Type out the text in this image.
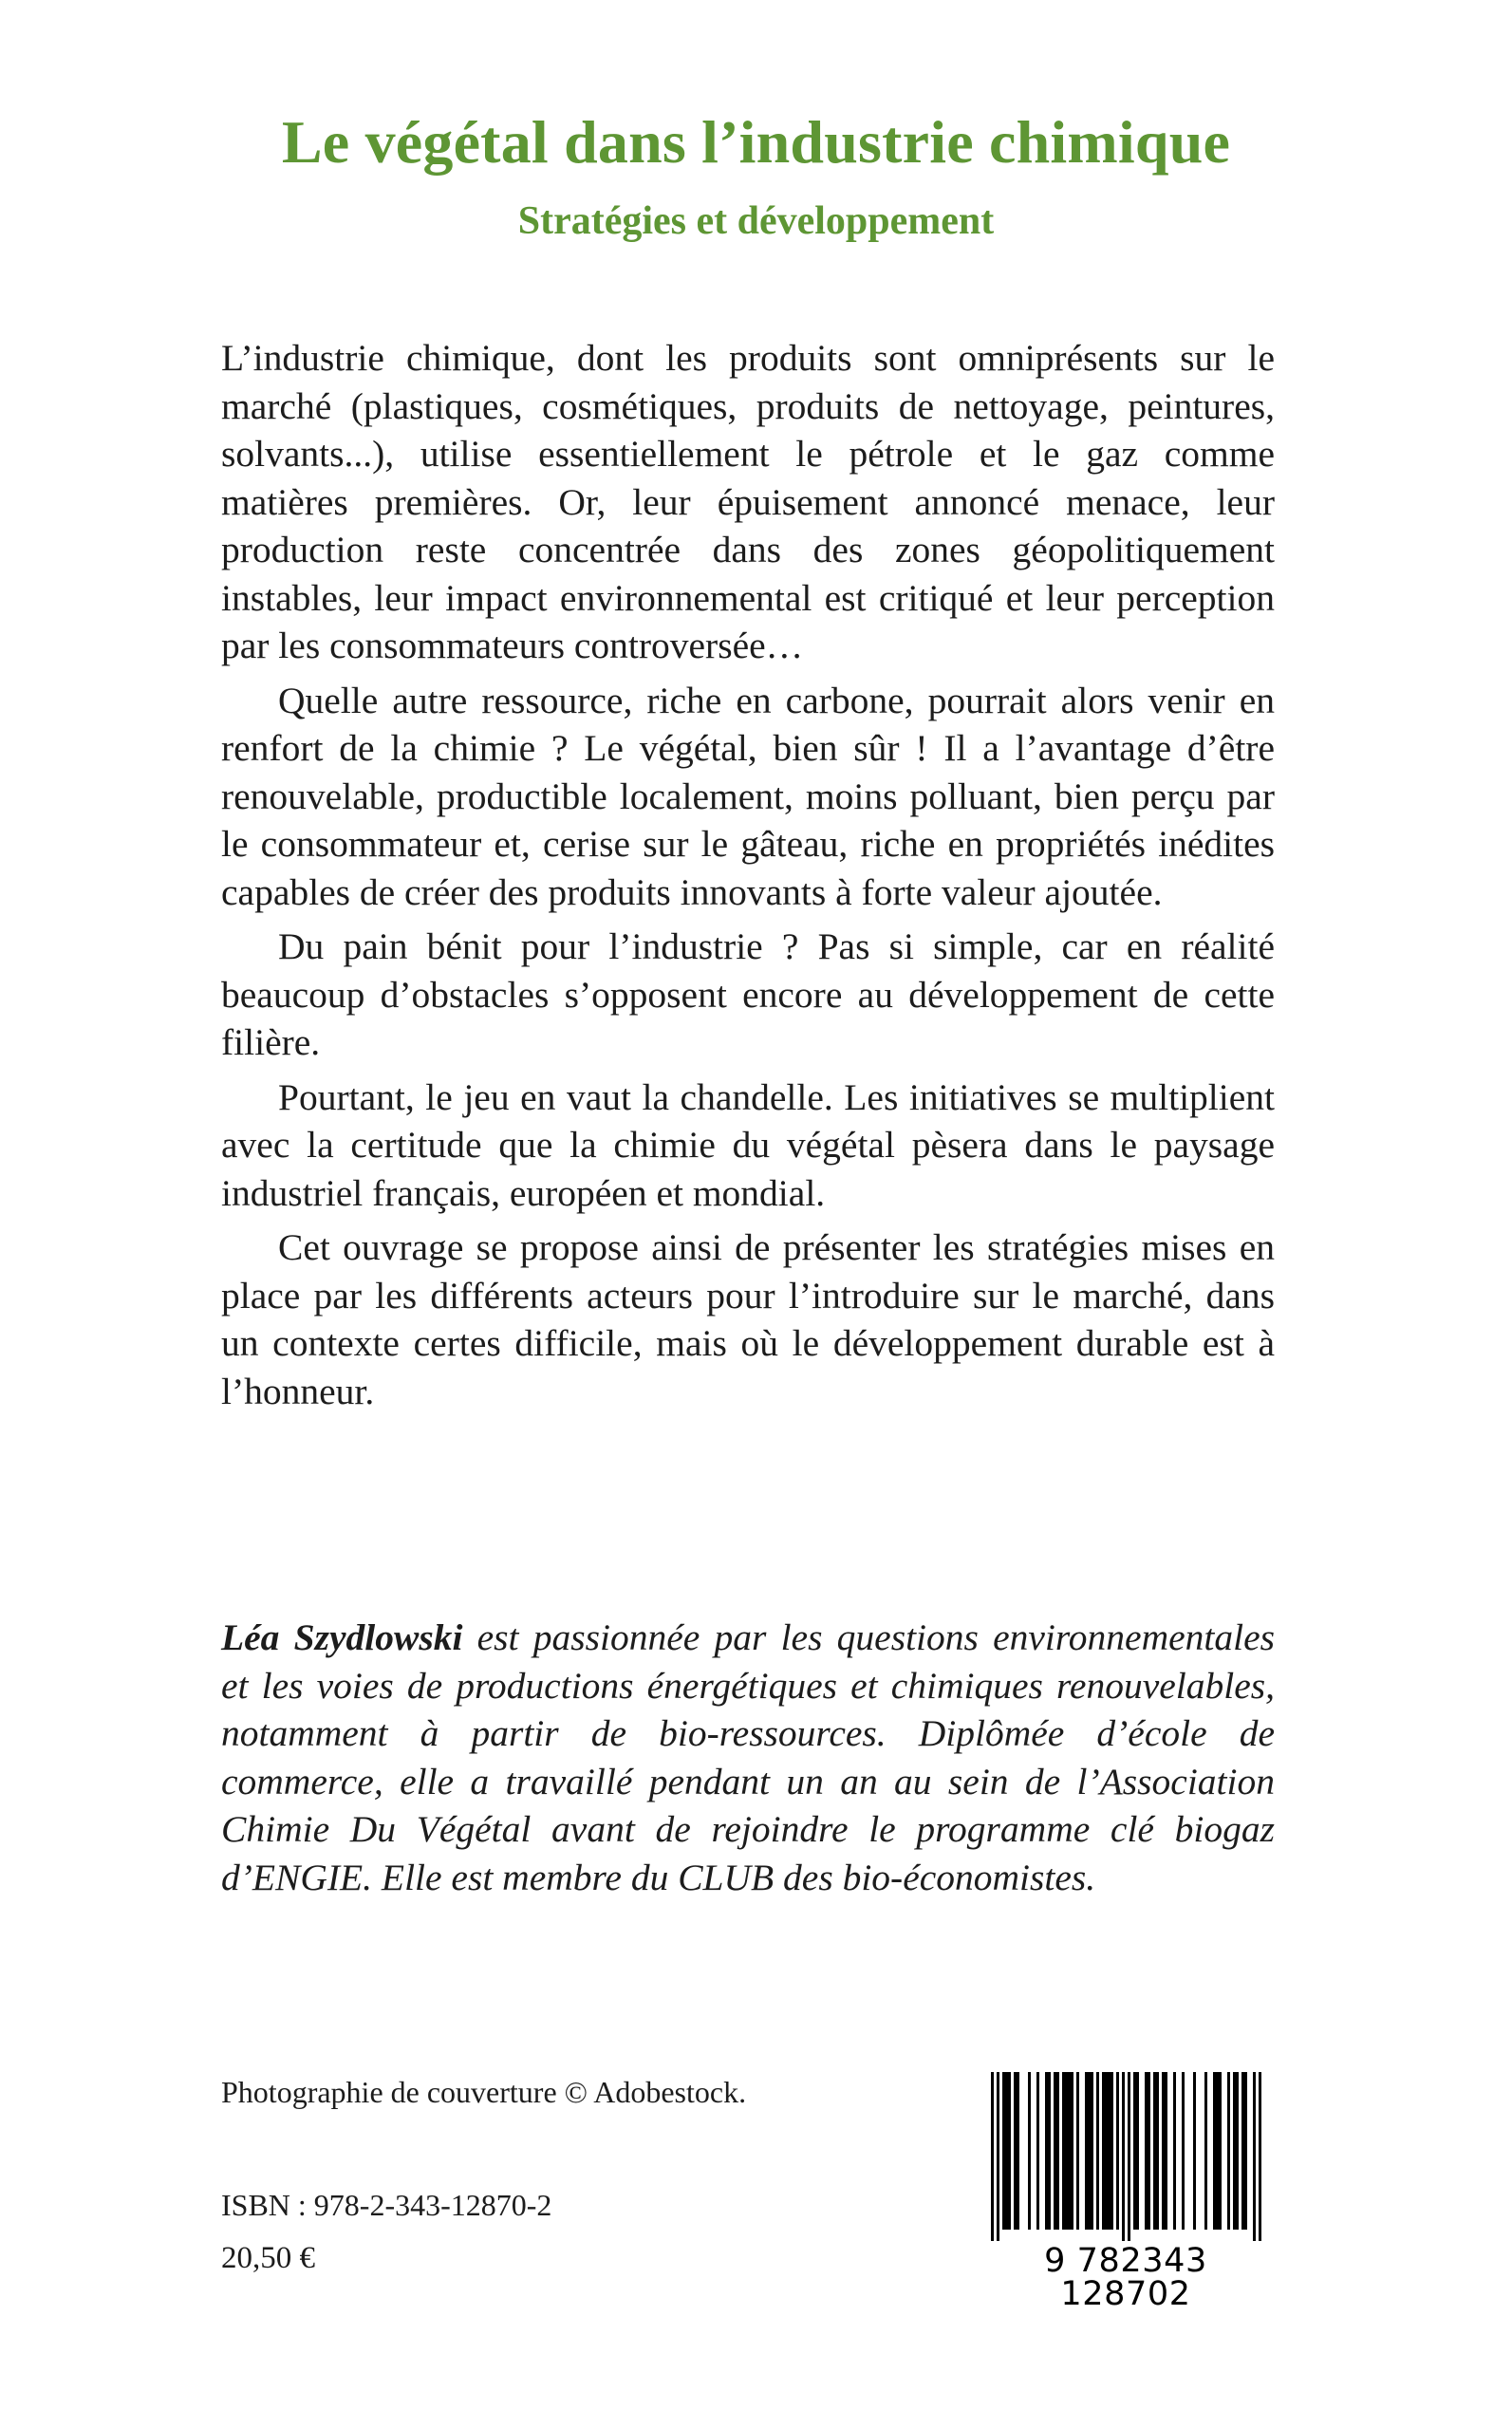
Le végétal dans l’industrie chimique
Stratégies et développement

L’industrie chimique, dont les produits sont omniprésents sur le marché (plastiques, cosmétiques, produits de nettoyage, peintures, solvants...), utilise essentiellement le pétrole et le gaz comme matières premières. Or, leur épuisement annoncé menace, leur production reste concentrée dans des zones géopolitiquement instables, leur impact environnemental est critiqué et leur perception par les consommateurs controversée…

Quelle autre ressource, riche en carbone, pourrait alors venir en renfort de la chimie ? Le végétal, bien sûr ! Il a l’avantage d’être renouvelable, productible localement, moins polluant, bien perçu par le consommateur et, cerise sur le gâteau, riche en propriétés inédites capables de créer des produits innovants à forte valeur ajoutée.

Du pain bénit pour l’industrie ? Pas si simple, car en réalité beaucoup d’obstacles s’opposent encore au développement de cette filière.

Pourtant, le jeu en vaut la chandelle. Les initiatives se multiplient avec la certitude que la chimie du végétal pèsera dans le paysage industriel français, européen et mondial.

Cet ouvrage se propose ainsi de présenter les stratégies mises en place par les différents acteurs pour l’introduire sur le marché, dans un contexte certes difficile, mais où le développement durable est à l’honneur.

Léa Szydlowski est passionnée par les questions environnementales et les voies de productions énergétiques et chimiques renouvelables, notamment à partir de bio-ressources. Diplômée d’école de commerce, elle a travaillé pendant un an au sein de l’Association Chimie Du Végétal avant de rejoindre le programme clé biogaz d’ENGIE. Elle est membre du CLUB des bio-économistes.

Photographie de couverture © Adobestock.

ISBN : 978-2-343-12870-2

20,50 €	9 782343 128702
